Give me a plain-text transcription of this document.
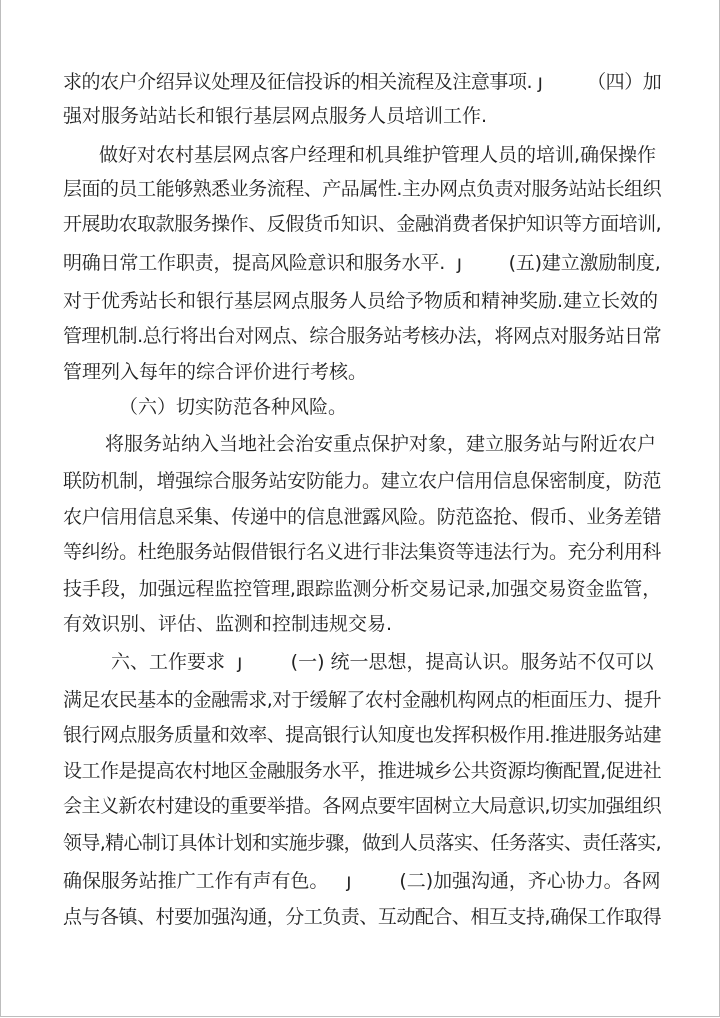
求的农户介绍异议处理及征信投诉的相关流程及注意事项. ﻿ȷ        （四）加
强对服务站站长和银行基层网点服务人员培训工作.
做好对农村基层网点客户经理和机具维护管理人员的培训,确保操作
层面的员工能够熟悉业务流程、产品属性.主办网点负责对服务站站长组织
开展助农取款服务操作、反假货币知识、金融消费者保护知识等方面培训,
明确日常工作职责，提高风险意识和服务水平.  ȷ        (五)建立激励制度,
对于优秀站长和银行基层网点服务人员给予物质和精神奖励.建立长效的
管理机制.总行将出台对网点、综合服务站考核办法，将网点对服务站日常
管理列入每年的综合评价进行考核。
（六）切实防范各种风险。
将服务站纳入当地社会治安重点保护对象，建立服务站与附近农户
联防机制，增强综合服务站安防能力。建立农户信用信息保密制度，防范
农户信用信息采集、传递中的信息泄露风险。防范盗抢、假币、业务差错
等纠纷。杜绝服务站假借银行名义进行非法集资等违法行为。充分利用科
技手段，加强远程监控管理,跟踪监测分析交易记录,加强交易资金监管，
有效识别、评估、监测和控制违规交易.
六、工作要求  ȷ        (一) 统一思想，提高认识。服务站不仅可以
满足农民基本的金融需求,对于缓解了农村金融机构网点的柜面压力、提升
银行网点服务质量和效率、提高银行认知度也发挥积极作用.推进服务站建
设工作是提高农村地区金融服务水平，推进城乡公共资源均衡配置,促进社
会主义新农村建设的重要举措。各网点要牢固树立大局意识,切实加强组织
领导,精心制订具体计划和实施步骤，做到人员落实、任务落实、责任落实,
确保服务站推广工作有声有色。   ȷ        (二)加强沟通，齐心协力。各网
点与各镇、村要加强沟通，分工负责、互动配合、相互支持,确保工作取得
